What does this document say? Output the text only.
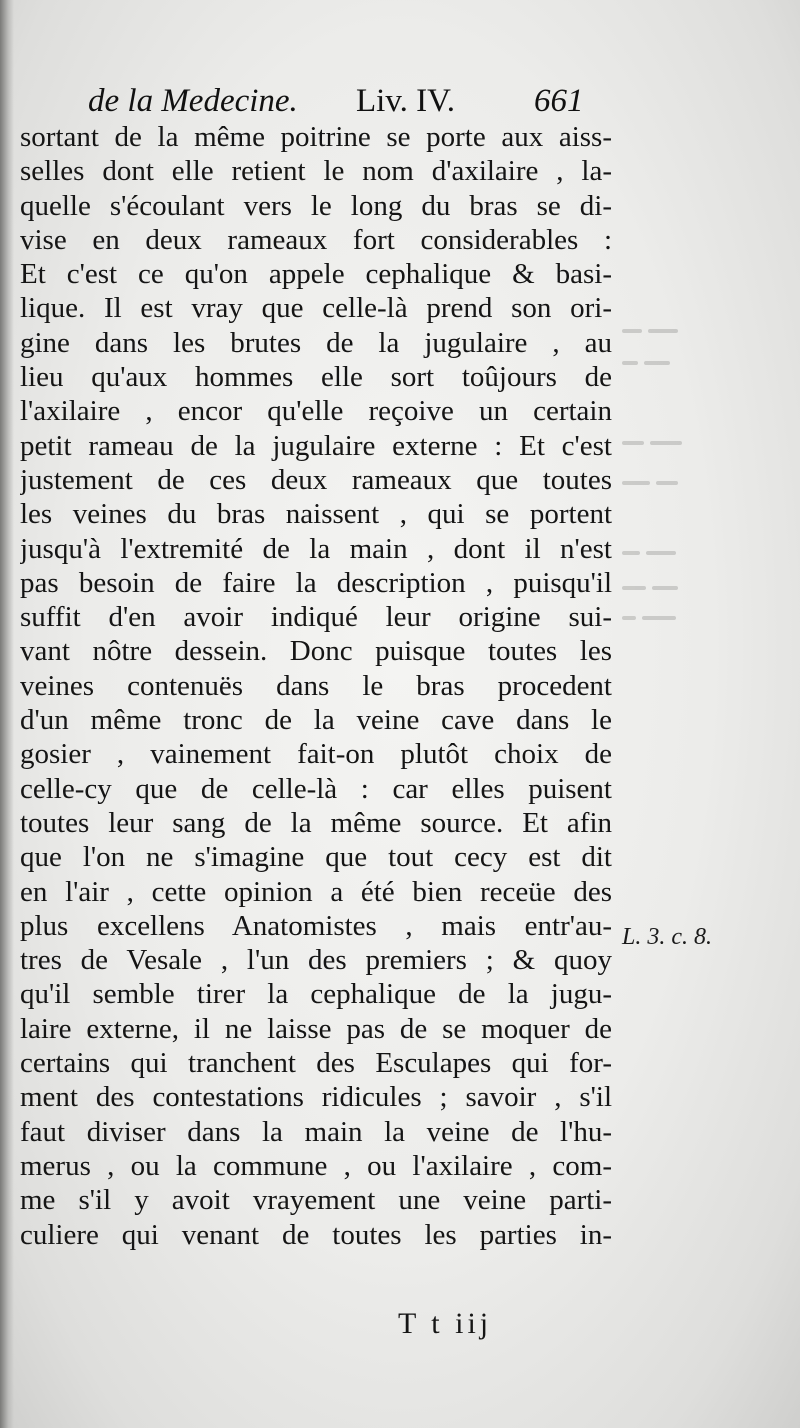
de la Medecine. Liv. IV. 661
sortant de la même poitrine se porte aux aiss-
selles dont elle retient le nom d'axilaire , la-
quelle s'écoulant vers le long du bras se di-
vise en deux rameaux fort considerables :
Et c'est ce qu'on appele cephalique & basi-
lique. Il est vray que celle-là prend son ori-
gine dans les brutes de la jugulaire , au
lieu qu'aux hommes elle sort toûjours de
l'axilaire , encor qu'elle reçoive un certain
petit rameau de la jugulaire externe : Et c'est
justement de ces deux rameaux que toutes
les veines du bras naissent , qui se portent
jusqu'à l'extremité de la main , dont il n'est
pas besoin de faire la description , puisqu'il
suffit d'en avoir indiqué leur origine sui-
vant nôtre dessein. Donc puisque toutes les
veines contenuës dans le bras procedent
d'un même tronc de la veine cave dans le
gosier , vainement fait-on plutôt choix de
celle-cy que de celle-là : car elles puisent
toutes leur sang de la même source. Et afin
que l'on ne s'imagine que tout cecy est dit
en l'air , cette opinion a été bien receüe des
plus excellens Anatomistes , mais entr'au-
tres de Vesale , l'un des premiers ; & quoy
qu'il semble tirer la cephalique de la jugu-
laire externe, il ne laisse pas de se moquer de
certains qui tranchent des Esculapes qui for-
ment des contestations ridicules ; savoir , s'il
faut diviser dans la main la veine de l'hu-
merus , ou la commune , ou l'axilaire , com-
me s'il y avoit vrayement une veine parti-
culiere qui venant de toutes les parties in-
L. 3. c. 8.
T t iij
